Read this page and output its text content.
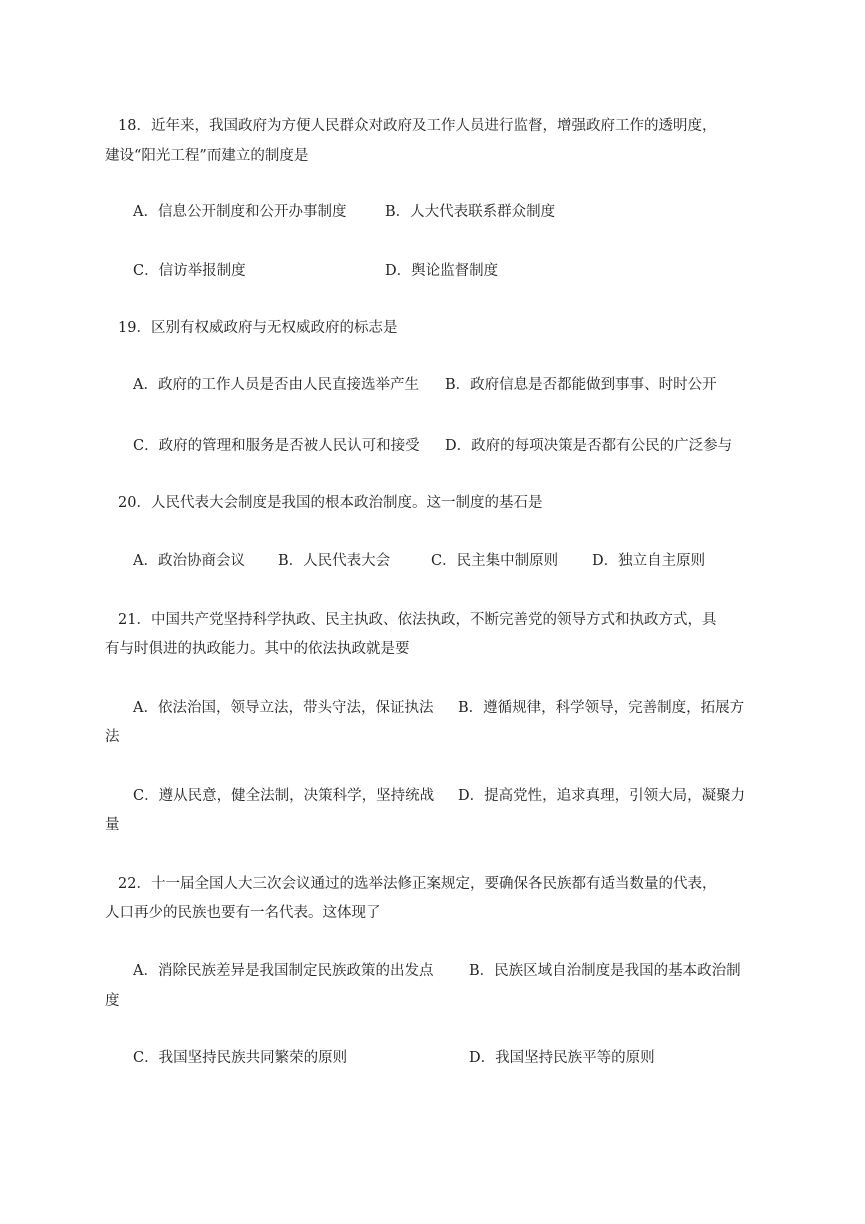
18．近年来，我国政府为方便人民群众对政府及工作人员进行监督，增强政府工作的透明度，
建设“阳光工程”而建立的制度是
A．信息公开制度和公开办事制度	B．人大代表联系群众制度
C．信访举报制度	D．舆论监督制度
19．区别有权威政府与无权威政府的标志是
A．政府的工作人员是否由人民直接选举产生 B．政府信息是否都能做到事事、时时公开
C．政府的管理和服务是否被人民认可和接受 D．政府的每项决策是否都有公民的广泛参与
20．人民代表大会制度是我国的根本政治制度。这一制度的基石是
A．政治协商会议 B．人民代表大会	C．民主集中制原则 D．独立自主原则
21．中国共产党坚持科学执政、民主执政、依法执政，不断完善党的领导方式和执政方式，具
有与时俱进的执政能力。其中的依法执政就是要
A．依法治国，领导立法，带头守法，保证执法 B．遵循规律，科学领导，完善制度，拓展方
法
C．遵从民意，健全法制，决策科学，坚持统战 D．提高党性，追求真理，引领大局，凝聚力
量
22．十一届全国人大三次会议通过的选举法修正案规定，要确保各民族都有适当数量的代表，
人口再少的民族也要有一名代表。这体现了
A．消除民族差异是我国制定民族政策的出发点 B．民族区域自治制度是我国的基本政治制
度
C．我国坚持民族共同繁荣的原则	D．我国坚持民族平等的原则
